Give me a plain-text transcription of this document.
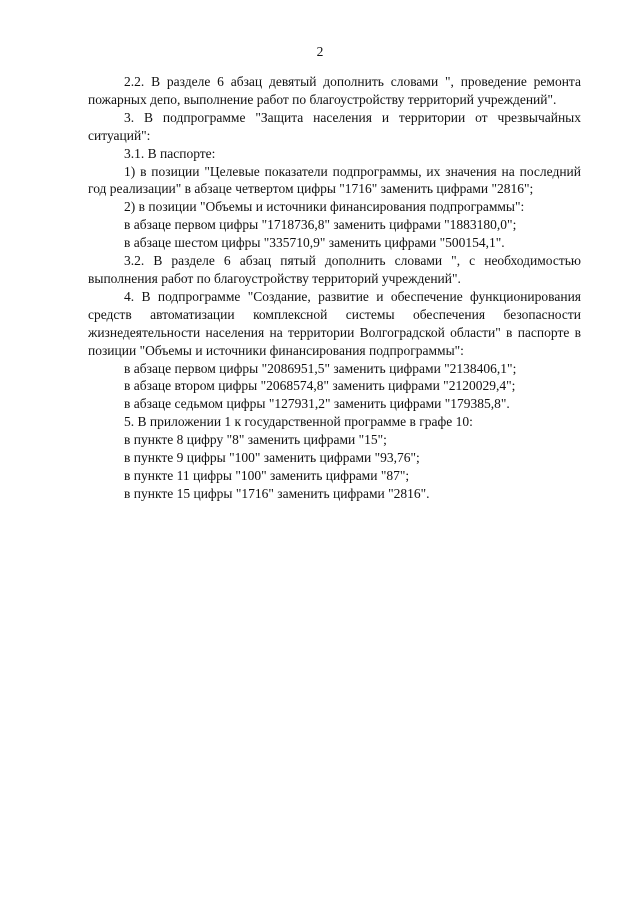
2

2.2. В разделе 6 абзац девятый дополнить словами ", проведение ремонта пожарных депо, выполнение работ по благоустройству территорий учреждений".

3. В подпрограмме "Защита населения и территории от чрезвычайных ситуаций":

3.1. В паспорте:

1) в позиции "Целевые показатели подпрограммы, их значения на последний год реализации" в абзаце четвертом цифры "1716" заменить цифрами "2816";

2) в позиции "Объемы и источники финансирования подпрограммы":

в абзаце первом цифры "1718736,8" заменить цифрами "1883180,0";

в абзаце шестом цифры "335710,9" заменить цифрами "500154,1".

3.2. В разделе 6 абзац пятый дополнить словами ", с необходимостью выполнения работ по благоустройству территорий учреждений".

4. В подпрограмме "Создание, развитие и обеспечение функционирования средств автоматизации комплексной системы обеспечения безопасности жизнедеятельности населения на территории Волгоградской области" в паспорте в позиции "Объемы и источники финансирования подпрограммы":

в абзаце первом цифры "2086951,5" заменить цифрами "2138406,1";

в абзаце втором цифры "2068574,8" заменить цифрами "2120029,4";

в абзаце седьмом цифры "127931,2" заменить цифрами "179385,8".

5. В приложении 1 к государственной программе в графе 10:

в пункте 8 цифру "8" заменить цифрами "15";

в пункте 9 цифры "100" заменить цифрами "93,76";

в пункте 11 цифры "100" заменить цифрами "87";

в пункте 15 цифры "1716" заменить цифрами "2816".
